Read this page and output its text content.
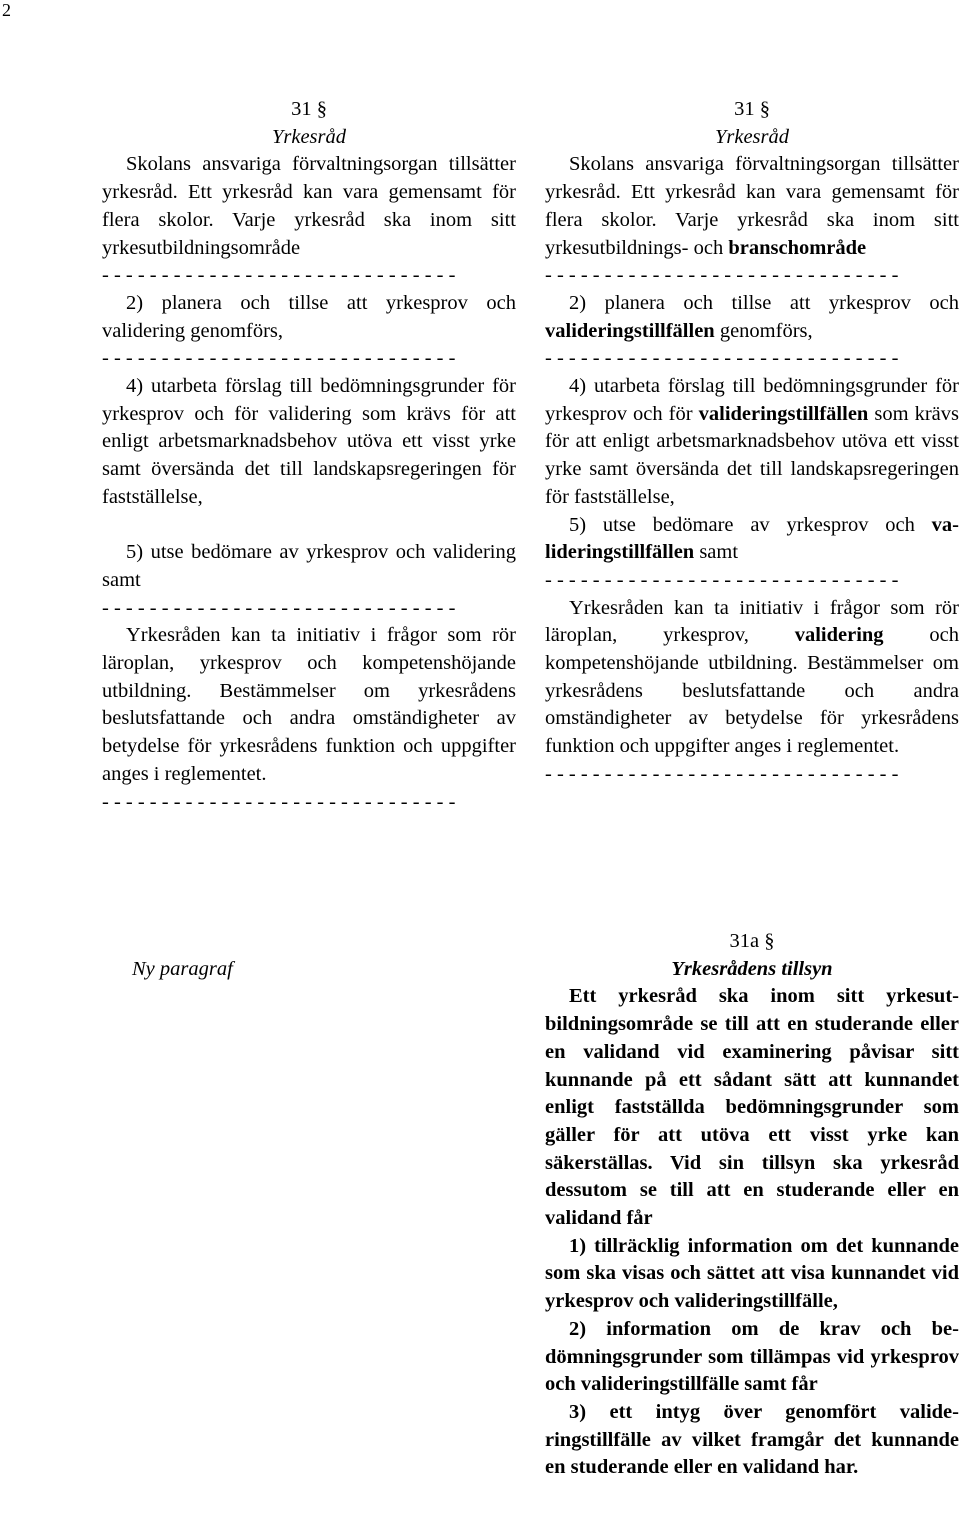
2

31 §

Yrkesråd

Skolans ansvariga förvaltningsorgan tillsätter yrkesråd. Ett yrkesråd kan vara gemensamt för flera skolor. Varje yrkesråd ska inom sitt yrkesutbildningsområde

- - - - - - - - - - - - - - - - - - - - - - - - - - - - - -

2) planera och tillse att yrkesprov och validering genomförs,

- - - - - - - - - - - - - - - - - - - - - - - - - - - - - -

4) utarbeta förslag till bedömningsgrunder för yrkesprov och för validering som krävs för att enligt arbetsmarknadsbehov utöva ett visst yrke samt översända det till landskapsregeringen för fastställelse,

5) utse bedömare av yrkesprov och validering samt

- - - - - - - - - - - - - - - - - - - - - - - - - - - - - -

Yrkesråden kan ta initiativ i frågor som rör läroplan, yrkesprov och kompetenshöjande utbildning. Bestämmelser om yrkesrådens beslutsfattande och andra omständigheter av betydelse för yrkesrådens funktion och uppgifter anges i reglementet.

- - - - - - - - - - - - - - - - - - - - - - - - - - - - - -

31 §

Yrkesråd

Skolans ansvariga förvaltningsorgan tillsätter yrkesråd. Ett yrkesråd kan vara gemensamt för flera skolor. Varje yrkesråd ska inom sitt yrkesutbildnings- och branschområde

- - - - - - - - - - - - - - - - - - - - - - - - - - - - - -

2) planera och tillse att yrkesprov och valideringstillfällen genomförs,

- - - - - - - - - - - - - - - - - - - - - - - - - - - - - -

4) utarbeta förslag till bedömningsgrunder för yrkesprov och för valideringstillfällen som krävs för att enligt arbetsmarknadsbehov utöva ett visst yrke samt översända det till landskapsregeringen för fastställelse,

5) utse bedömare av yrkesprov och valideringstillfällen samt

- - - - - - - - - - - - - - - - - - - - - - - - - - - - - -

Yrkesråden kan ta initiativ i frågor som rör läroplan, yrkesprov, validering och kompetenshöjande utbildning. Bestämmelser om yrkesrådens beslutsfattande och andra omständigheter av betydelse för yrkesrådens funktion och uppgifter anges i reglementet.

- - - - - - - - - - - - - - - - - - - - - - - - - - - - - -

Ny paragraf

31a §

Yrkesrådens tillsyn

Ett yrkesråd ska inom sitt yrkesutbildningsområde se till att en studerande eller en validand vid examinering påvisar sitt kunnande på ett sådant sätt att kunnandet enligt fastställda bedömningsgrunder som gäller för att utöva ett visst yrke kan säkerställas. Vid sin tillsyn ska yrkesråd dessutom se till att en studerande eller en validand får

1) tillräcklig information om det kunnande som ska visas och sättet att visa kunnandet vid yrkesprov och valideringstillfälle,

2) information om de krav och bedömningsgrunder som tillämpas vid yrkesprov och valideringstillfälle samt får

3) ett intyg över genomfört valideringstillfälle av vilket framgår det kunnande en studerande eller en validand har.
